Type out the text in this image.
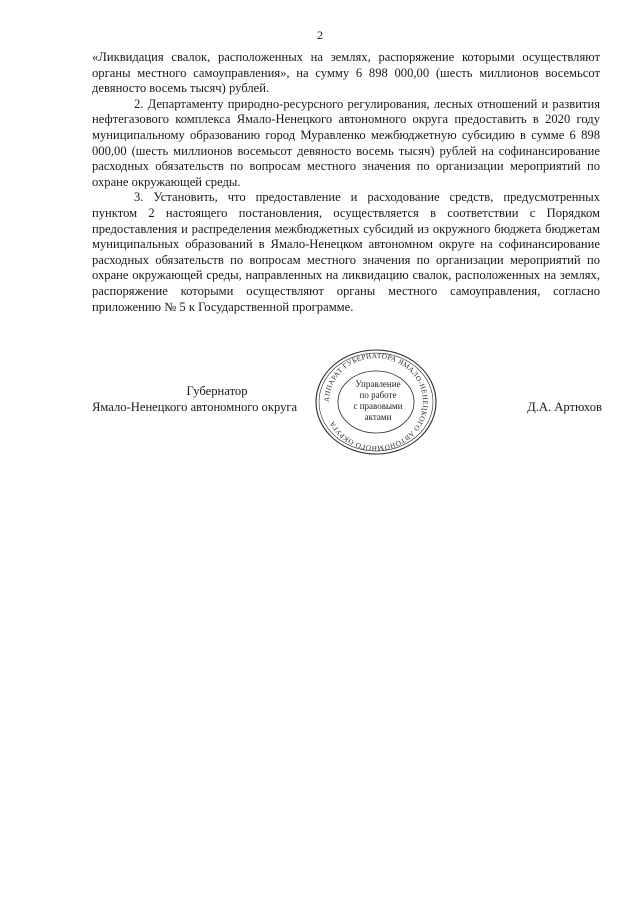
2

«Ликвидация свалок, расположенных на землях, распоряжение которыми осуществляют органы местного самоуправления», на сумму 6 898 000,00 (шесть миллионов восемьсот девяносто восемь тысяч) рублей.

2. Департаменту природно-ресурсного регулирования, лесных отношений и развития нефтегазового комплекса Ямало-Ненецкого автономного округа предоставить в 2020 году муниципальному образованию город Муравленко межбюджетную субсидию в сумме 6 898 000,00 (шесть миллионов восемьсот девяносто восемь тысяч) рублей на софинансирование расходных обязательств по вопросам местного значения по организации мероприятий по охране окружающей среды.

3. Установить, что предоставление и расходование средств, предусмотренных пунктом 2 настоящего постановления, осуществляется в соответствии с Порядком предоставления и распределения межбюджетных субсидий из окружного бюджета бюджетам муниципальных образований в Ямало-Ненецком автономном округе на софинансирование расходных обязательств по вопросам местного значения по организации мероприятий по охране окружающей среды, направленных на ликвидацию свалок, расположенных на землях, распоряжение которыми осуществляют органы местного самоуправления, согласно приложению № 5 к Государственной программе.

Губернатор
Ямало-Ненецкого автономного округа	Д.А. Артюхов
АППАРАТ ГУБЕРНАТОРА ЯМАЛО-НЕНЕЦКОГО АВТОНОМНОГО ОКРУГА
Управление
по работе
с правовыми
актами
